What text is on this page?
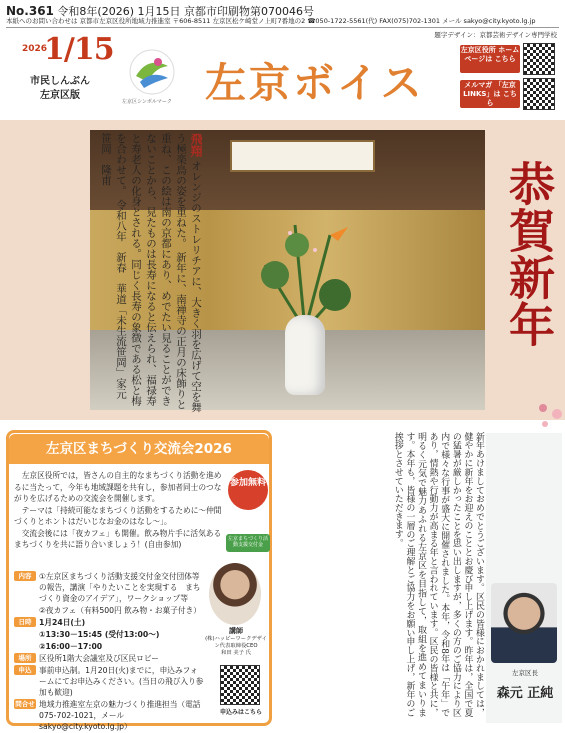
No.361 令和8年(2026) 1月15日 京都市印刷物第070046号
本紙へのお問い合わせは 京都市左京区役所地域力推進室 〒606-8511 左京区松ケ崎堂ノ上町7番地の2 ☎050-1722-5561(代) FAX(075)702-1301 メール sakyo@city.kyoto.lg.jp
題字デザイン：京都芸術デザイン専門学校
2026
1/15
市民しんぶん
左京区版
左京区シンボルマーク 左京ボイス
左京区役所 ホームページは こちら
メルマガ 「左京 LINKS」は こちら
飛翔 オレンジのストレリチアに、大きく羽を広げて空を舞う極楽鳥の姿を重ねた。 新年に、南禅寺の正月の床飾りと重ね、この絵は南の京都にあり、めでたい見ることができないことから、見たものは長寿になると伝えられ、福禄寿と寿老人の化身とされる。同じく長寿の象徴である松と梅を合わせて。 令和八年　新春　華道「未生流笹岡」家元　笹岡　隆甫
恭賀新年
左京区まちづくり交流会2026
　左京区役所では，皆さんの自主的なまちづくり活動を進めるに当たって，今年も地域課題を共有し，参加者同士のつながりを広げるための交流会を開催します。
　テーマは「持続可能なまちづくり活動をするために～仲間づくりとホントはだいじなお金のはなし～」。
　交流会後には「夜カフェ」も開催。飲み物片手に活気あるまちづくりを共に語り合いましょう！(自由参加)
参加無料
左京まちづくり活動支援交付金
内容 ①左京区まちづくり活動支援交付金交付団体等の報告，講演「やりたいことを実現する　まちづくり資金のアイデア」，ワークショップ等
②夜カフェ（有料500円 飲み物・お菓子付き）
日時 1月24日(土)
①13:30－15:45 (受付13:00～)
②16:00－17:00
場所 区役所1階大会議室及び区民ロビー
申込 事前申込制。1月20日(火)までに，申込みフォームにてお申込みください。(当日の飛び入り参加も歓迎)
問合せ 地域力推進室左京の魅力づくり推進担当（電話075-702-1021，メールsakyo@city.kyoto.lg.jp）
講師
(株)ハッピーワークデザイン代表取締役CEO
和田 美子 氏
申込みはこちら	新年あけましておめでとうございます。区民の皆様におかれましては，健やかに新年をお迎えのこととお慶び申し上げます。昨年は，全国で夏の猛暑が厳しかったことを思い出しますが，多くの方のご協力により区内で様々な行事が盛大に開催されました。本年，令和8年は「午年」であり，情熱や行動力が高まる年と言われています。区民の皆様と共に，明るく元気で魅力あふれる左京区を目指して，取組を進めてまいります。本年も，皆様の一層のご理解とご協力をお願い申し上げ，新年のご挨拶とさせていただきます。
左京区長
森元 正純
